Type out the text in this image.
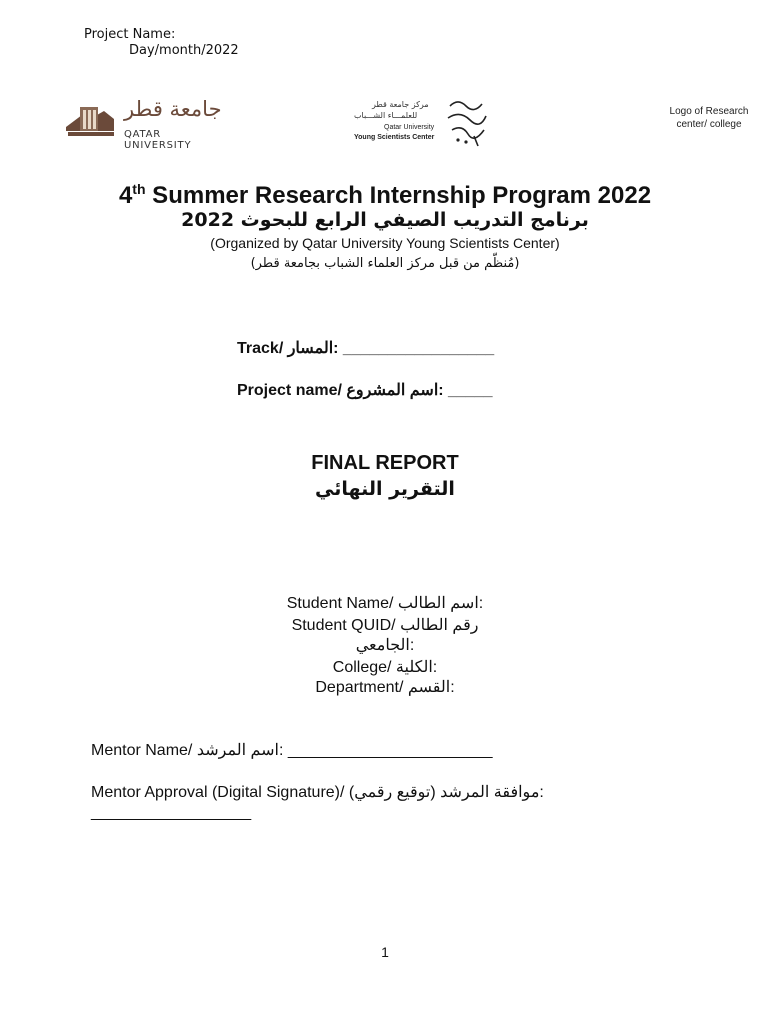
Project Name:
Day/month/2022
جامعة قطر
QATAR UNIVERSITY
مركز جامعة قطر
للعلمـــاء الشـــباب
Qatar University
Young Scientists Center
Logo of Research center/ college
4th Summer Research Internship Program 2022
برنامج التدريب الصيفي الرابع للبحوث 2022
(Organized by Qatar University Young Scientists Center)
(مُنظّم من قبل مركز العلماء الشباب بجامعة قطر)
Track/ المسار: _________________
Project name/ اسم المشروع: _____
FINAL REPORT
التقرير النهائي
Student Name/ اسم الطالب:
Student QUID/ رقم الطالب
الجامعي:
College/ الكلية:
Department/ القسم:
Mentor Name/ اسم المرشد: _______________________
Mentor Approval (Digital Signature)/ (توقيع رقمي) موافقة المرشد:
__________________
1
